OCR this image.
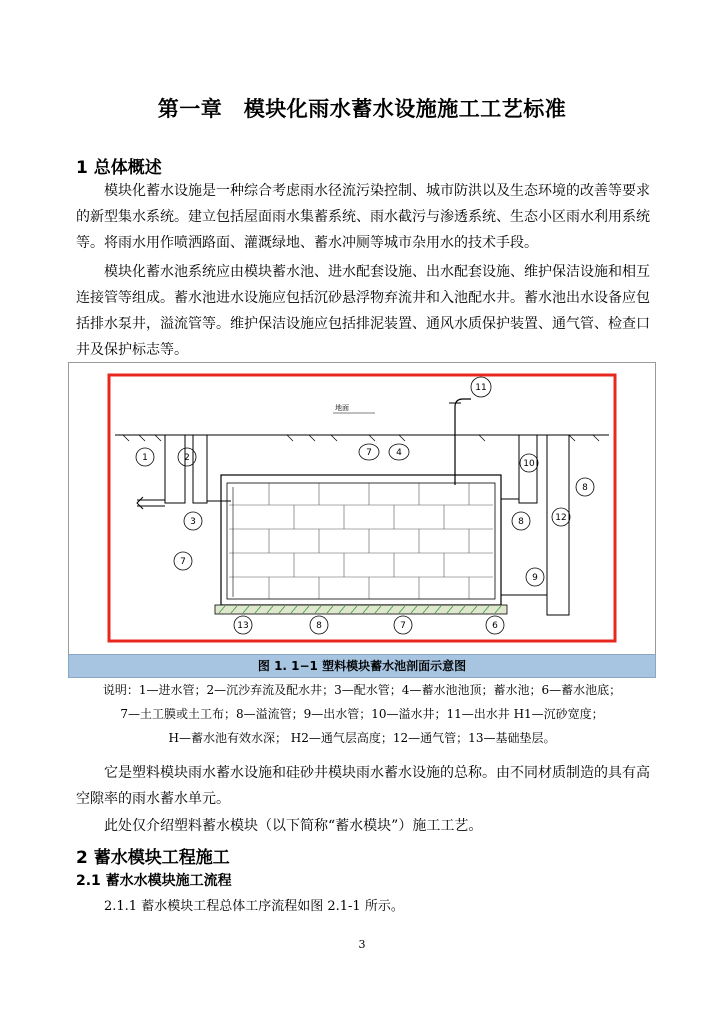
第一章　模块化雨水蓄水设施施工工艺标准
1 总体概述

模块化蓄水设施是一种综合考虑雨水径流污染控制、城市防洪以及生态环境的改善等要求的新型集水系统。建立包括屋面雨水集蓄系统、雨水截污与渗透系统、生态小区雨水利用系统等。将雨水用作喷洒路面、灌溉绿地、蓄水冲厕等城市杂用水的技术手段。

模块化蓄水池系统应由模块蓄水池、进水配套设施、出水配套设施、维护保洁设施和相互连接管等组成。蓄水池进水设施应包括沉砂悬浮物弃流井和入池配水井。蓄水池出水设备应包括排水泵井，溢流管等。维护保洁设施应包括排泥装置、通风水质保护装置、通气管、检查口井及保护标志等。

地面
1	2
3
7
7	4
11
10
8
8	12
9
13	8	7	6
图 1. 1−1 塑料模块蓄水池剖面示意图
说明：1—进水管；2—沉沙弃流及配水井；3—配水管；4—蓄水池池顶；蓄水池；6—蓄水池底；
7—土工膜或土工布；8—溢流管；9—出水管；10—溢水井；11—出水井 H1—沉砂宽度；
H—蓄水池有效水深； H2—通气层高度；12—通气管；13—基础垫层。

它是塑料模块雨水蓄水设施和硅砂井模块雨水蓄水设施的总称。由不同材质制造的具有高空隙率的雨水蓄水单元。

此处仅介绍塑料蓄水模块（以下简称“蓄水模块”）施工工艺。

2 蓄水模块工程施工
2.1 蓄水水模块施工流程
2.1.1 蓄水模块工程总体工序流程如图 2.1-1 所示。
3
